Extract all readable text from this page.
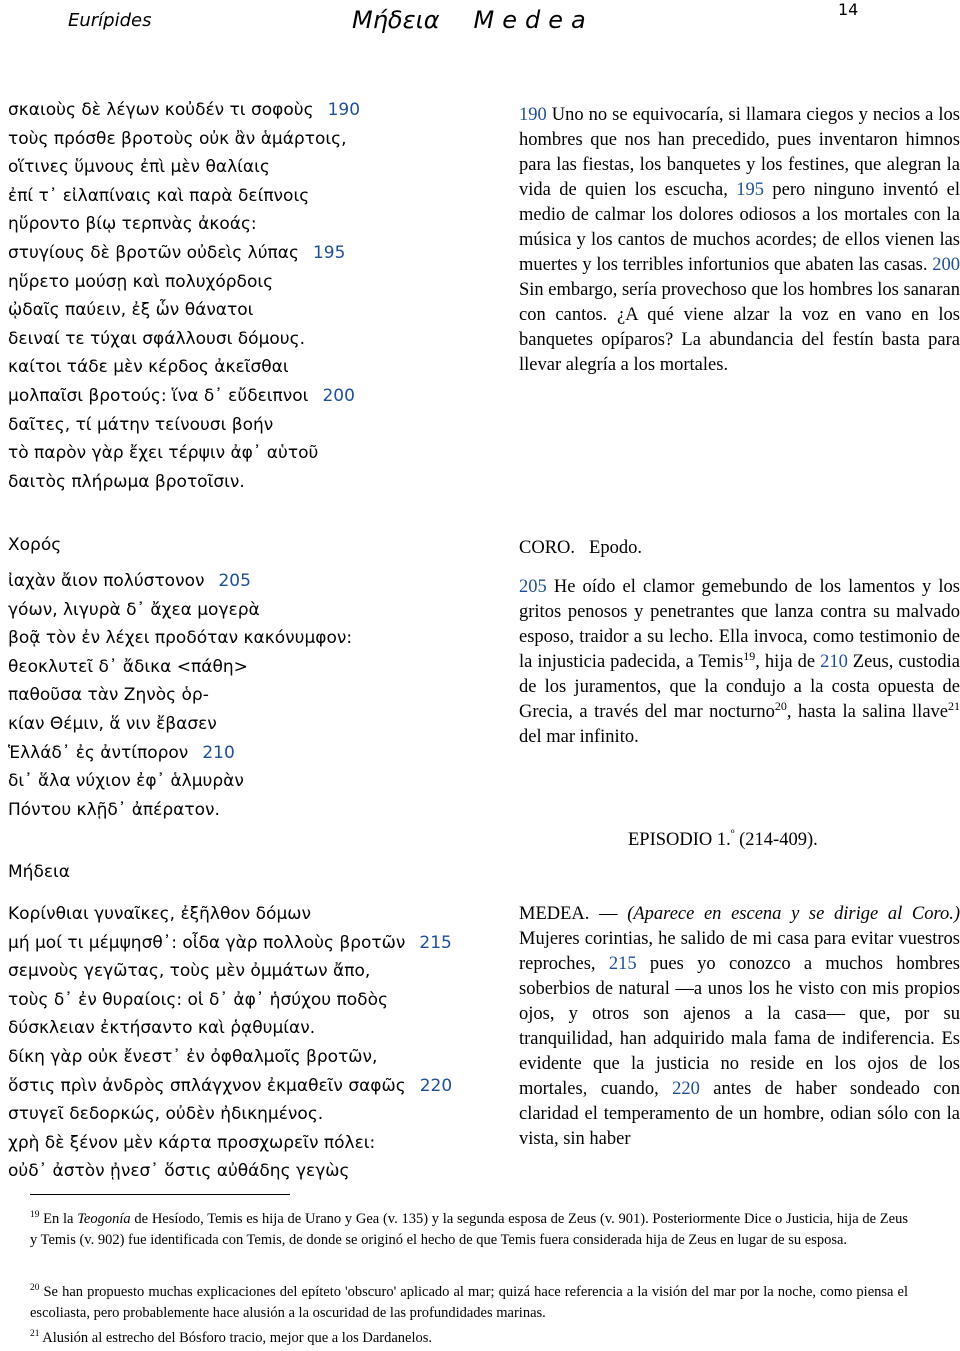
Eurípides	Μήδεια Medea	14
σκαιοὺς δὲ λέγων κοὐδέν τι σοφοὺς 190
τοὺς πρόσθε βροτοὺς οὐκ ἂν ἁμάρτοις,
οἵτινες ὕμνους ἐπὶ μὲν θαλίαις
ἐπί τ᾽ εἰλαπίναις καὶ παρὰ δείπνοις
ηὕροντο βίῳ τερπνὰς ἀκοάς:
στυγίους δὲ βροτῶν οὐδεὶς λύπας 195
ηὕρετο μούσῃ καὶ πολυχόρδοις
ᾠδαῖς παύειν, ἐξ ὧν θάνατοι
δειναί τε τύχαι σφάλλουσι δόμους.
καίτοι τάδε μὲν κέρδος ἀκεῖσθαι
μολπαῖσι βροτούς: ἵνα δ᾽ εὔδειπνοι 200
δαῖτες, τί μάτην τείνουσι βοήν
τὸ παρὸν γὰρ ἔχει τέρψιν ἀφ᾽ αὑτοῦ
δαιτὸς πλήρωμα βροτοῖσιν.
190 Uno no se equivocaría, si llamara ciegos y necios a los hombres que nos han precedido, pues inventaron himnos para las fiestas, los banquetes y los festines, que alegran la vida de quien los escucha, 195 pero ninguno inventó el medio de calmar los dolores odiosos a los mortales con la música y los cantos de muchos acordes; de ellos vienen las muertes y los terribles infortunios que abaten las casas. 200 Sin embargo, sería provechoso que los hombres los sanaran con cantos. ¿A qué viene alzar la voz en vano en los banquetes opíparos? La abundancia del festín basta para llevar alegría a los mortales.
Χορός
ἰαχὰν ἄιον πολύστονον 205
γόων, λιγυρὰ δ᾽ ἄχεα μογερὰ
βοᾷ τὸν ἐν λέχει προδόταν κακόνυμφον:
θεοκλυτεῖ δ᾽ ἄδικα <πάθη>
παθοῦσα τὰν Ζηνὸς ὁρ-
κίαν Θέμιν, ἅ νιν ἔβασεν
Ἑλλάδ᾽ ἐς ἀντίπορον 210
δι᾽ ἅλα νύχιον ἐφ᾽ ἁλμυρὰν
Πόντου κλῇδ᾽ ἀπέρατον.
CORO. Epodo.
205 He oído el clamor gemebundo de los lamentos y los gritos penosos y penetrantes que lanza contra su malvado esposo, traidor a su lecho. Ella invoca, como testimonio de la injusticia padecida, a Temis$^{19}$, hija de 210 Zeus, custodia de los juramentos, que la condujo a la costa opuesta de Grecia, a través del mar nocturno$^{20}$, hasta la salina llave$^{21}$ del mar infinito.
EPISODIO 1.$^º$ (214-409).
Μήδεια
Κορίνθιαι γυναῖκες, ἐξῆλθον δόμων
μή μοί τι μέμψησθ᾽: οἶδα γὰρ πολλοὺς βροτῶν 215
σεμνοὺς γεγῶτας, τοὺς μὲν ὀμμάτων ἄπο,
τοὺς δ᾽ ἐν θυραίοις: οἱ δ᾽ ἀφ᾽ ἡσύχου ποδὸς
δύσκλειαν ἐκτήσαντο καὶ ῥᾳθυμίαν.
δίκη γὰρ οὐκ ἔνεστ᾽ ἐν ὀφθαλμοῖς βροτῶν,
ὅστις πρὶν ἀνδρὸς σπλάγχνον ἐκμαθεῖν σαφῶς 220
στυγεῖ δεδορκώς, οὐδὲν ἠδικημένος.
χρὴ δὲ ξένον μὲν κάρτα προσχωρεῖν πόλει:
οὐδ᾽ ἀστὸν ᾐνεσ᾽ ὅστις αὐθάδης γεγὼς
MEDEA. — (Aparece en escena y se dirige al Coro.) Mujeres corintias, he salido de mi casa para evitar vuestros reproches, 215 pues yo conozco a muchos hombres soberbios de natural —a unos los he visto con mis propios ojos, y otros son ajenos a la casa— que, por su tranquilidad, han adquirido mala fama de indiferencia. Es evidente que la justicia no reside en los ojos de los mortales, cuando, 220 antes de haber sondeado con claridad el temperamento de un hombre, odian sólo con la vista, sin haber
$^{19}$ En la Teogonía de Hesíodo, Temis es hija de Urano y Gea (v. 135) y la segunda esposa de Zeus (v. 901). Posteriormente Dice o Justicia, hija de Zeus y Temis (v. 902) fue identificada con Temis, de donde se originó el hecho de que Temis fuera considerada hija de Zeus en lugar de su esposa.
$^{20}$ Se han propuesto muchas explicaciones del epíteto 'obscuro' aplicado al mar; quizá hace referencia a la visión del mar por la noche, como piensa el escoliasta, pero probablemente hace alusión a la oscuridad de las profundidades marinas.
$^{21}$ Alusión al estrecho del Bósforo tracio, mejor que a los Dardanelos.
